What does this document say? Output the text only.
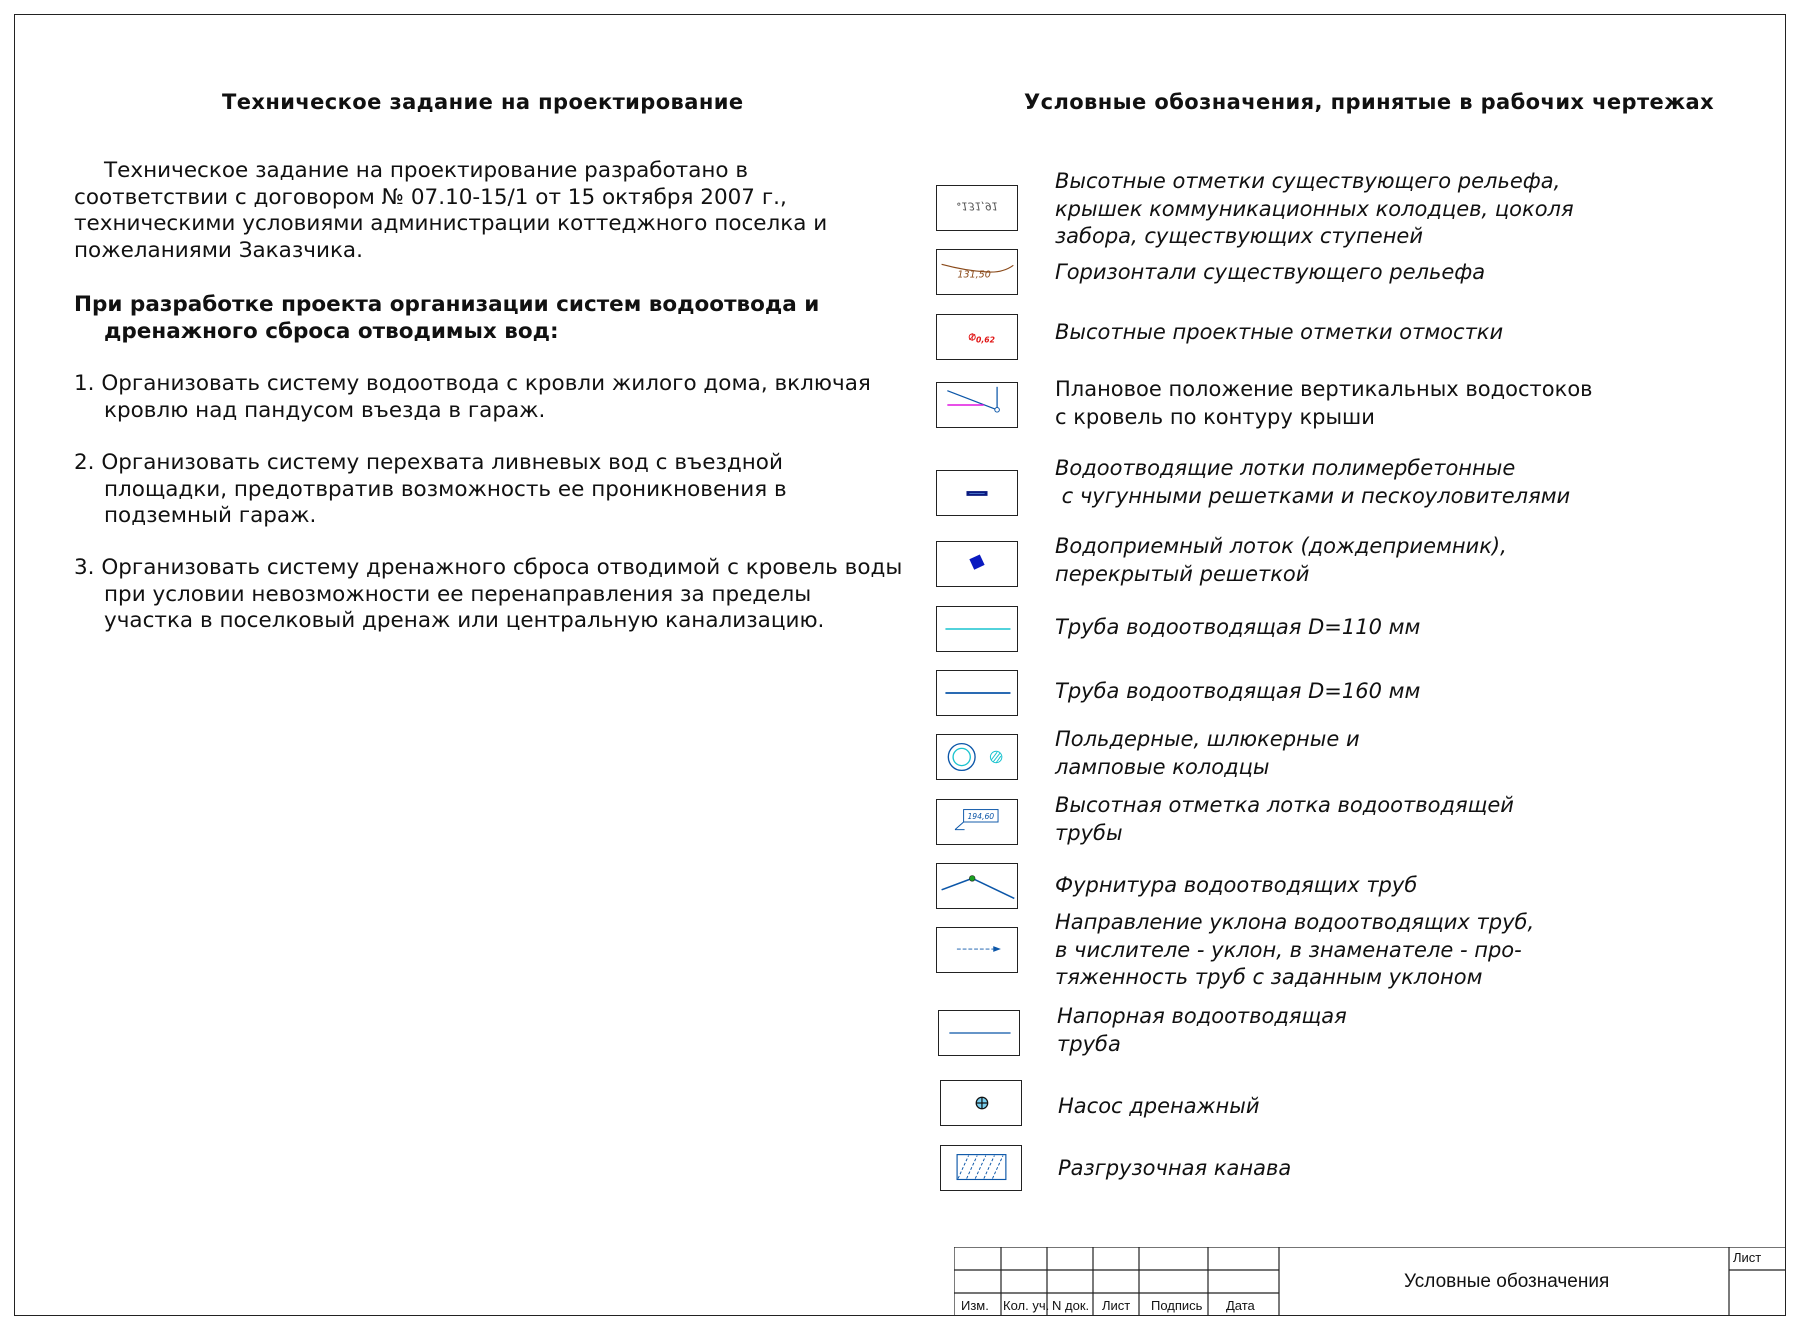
Техническое задание на проектирование
Техническое задание на проектирование разработано в соответствии с договором № 07.10-15/1 от 15 октября 2007 г., техническими условиями администрации коттеджного поселка и пожеланиями Заказчика.
При разработке проекта организации систем водоотвода и дренажного сброса отводимых вод:
1. Организовать систему водоотвода с кровли жилого дома, включая кровлю над пандусом въезда в гараж.
2. Организовать систему перехвата ливневых вод с въездной площадки, предотвратив возможность ее проникновения в подземный гараж.
3. Организовать систему дренажного сброса отводимой с кровель воды при условии невозможности ее перенаправления за пределы участка в поселковый дренаж или центральную канализацию.
Условные обозначения, принятые в рабочих чертежах
131,91
Высотные отметки существующего рельефа,
крышек коммуникационных колодцев, цоколя
забора, существующих ступеней
131,50	Горизонтали существующего рельефа
0,62	Высотные проектные отметки отмостки
Плановое положение вертикальных водостоков
с кровель по контуру крыши
Водоотводящие лотки полимербетонные
с чугунными решетками и пескоуловителями
Водоприемный лоток (дождеприемник),
перекрытый решеткой
Труба водоотводящая D=110 мм
Труба водоотводящая D=160 мм
Польдерные, шлюкерные и
ламповые колодцы
194,60	Высотная отметка лотка водоотводящей
трубы
Фурнитура водоотводящих труб
Направление уклона водоотводящих труб,
в числителе - уклон, в знаменателе - про-
тяженность труб с заданным уклоном
Напорная водоотводящая
труба
Насос дренажный
Разгрузочная канава
Изм. Кол. уч. N док. Лист Подпись Дата
Условные обозначения
Лист
